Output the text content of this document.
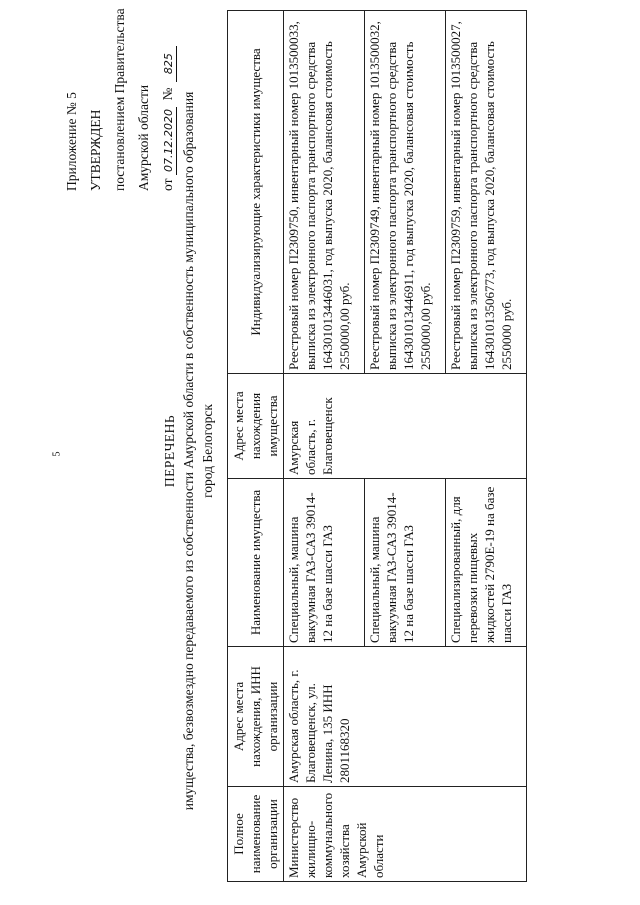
5
Приложение № 5 УТВЕРЖДЕН постановлением Правительства Амурской области от07.12.2020№825
ПЕРЕЧЕНЬ имущества, безвозмездно передаваемого из собственности Амурской области в собственность муниципального образования город Белогорск
Полное наименование организации	Адрес места нахождения, ИНН организации	Наименование имущества	Адрес места нахождения имущества	Индивидуализирующие характеристики имущества
Министерство жилищно-коммунального хозяйства Амурской области	Амурская область, г. Благовещенск, ул. Ленина, 135 ИНН 2801168320	Специальный, машина вакуумная ГАЗ-САЗ 39014-12 на базе шасси ГАЗ	Амурская область, г. Благовещенск	Реестровый номер П2309750, инвентарный номер 1013500033, выписка из электронного паспорта транспортного средства 164301013446031, год выпуска 2020, балансовая стоимость 2550000,00 руб.
		Специальный, машина вакуумная ГАЗ-САЗ 39014-12 на базе шасси ГАЗ		Реестровый номер П2309749, инвентарный номер 1013500032, выписка из электронного паспорта транспортного средства 164301013446911, год выпуска 2020, балансовая стоимость 2550000,00 руб.
		Специализированный, для перевозки пищевых жидкостей 2790Е-19 на базе шасси ГАЗ		Реестровый номер П2309759, инвентарный номер 1013500027, выписка из электронного паспорта транспортного средства 164301013506773, год выпуска 2020, балансовая стоимость 2550000 руб.
